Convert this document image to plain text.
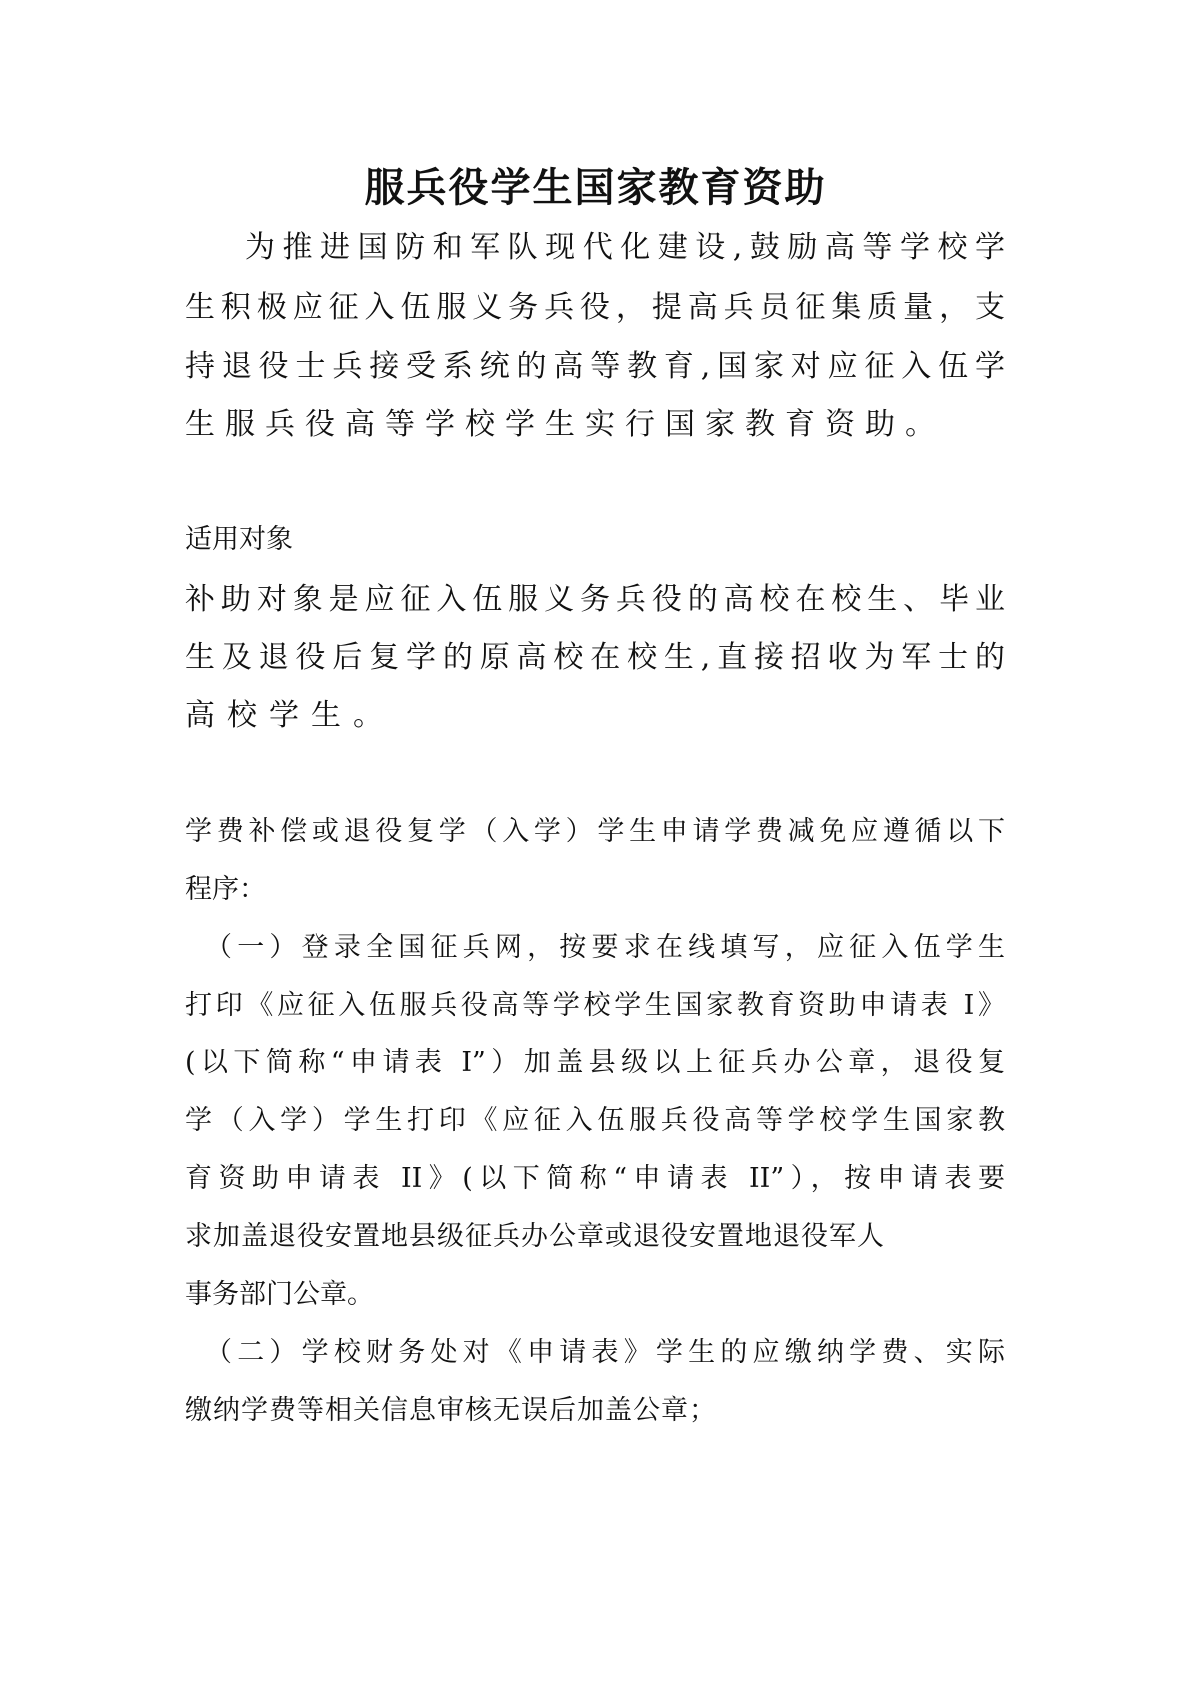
服兵役学生国家教育资助

为推进国防和军队现代化建设,鼓励高等学校学

生积极应征入伍服义务兵役，提高兵员征集质量，支

持退役士兵接受系统的高等教育,国家对应征入伍学

生服兵役高等学校学生实行国家教育资助。

适用对象

补助对象是应征入伍服义务兵役的高校在校生、毕业

生及退役后复学的原高校在校生,直接招收为军士的

高校学生。

学费补偿或退役复学（入学）学生申请学费减免应遵循以下

程序：

（一）登录全国征兵网，按要求在线填写，应征入伍学生

打印《应征入伍服兵役高等学校学生国家教育资助申请表 I》

(以下简称“申请表 I”）加盖县级以上征兵办公章，退役复

学（入学）学生打印《应征入伍服兵役高等学校学生国家教

育资助申请表 II》(以下简称“申请表 II”），按申请表要

求加盖退役安置地县级征兵办公章或退役安置地退役军人

事务部门公章。

（二）学校财务处对《申请表》学生的应缴纳学费、实际

缴纳学费等相关信息审核无误后加盖公章；
